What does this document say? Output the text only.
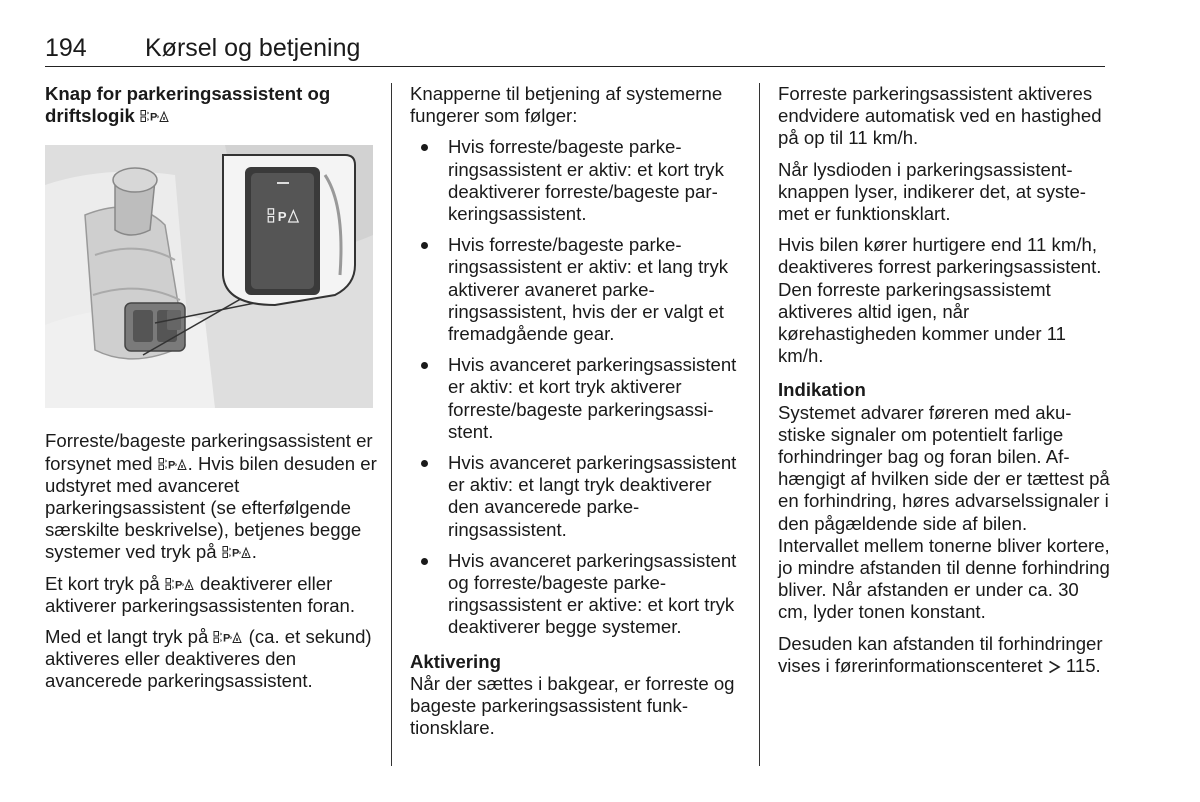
194 Kørsel og betjening
Knap for parkeringsassistent og
driftslogik
P

Forreste/bageste parkeringsassistent er forsynet med . Hvis bilen desuden er udstyret med avanceret parkeringsassistent (se efterfølgende særskilte beskrivelse), betjenes begge systemer ved tryk på .

Et kort tryk på deaktiverer eller aktiverer parkeringsassistenten foran.

Med et langt tryk på (ca. et sekund) aktiveres eller deaktiveres den avancerede parkeringsassistent.

Knapperne til betjening af systemerne fungerer som følger:

Hvis forreste/bageste parkeringsassistent er aktiv: et kort tryk deaktiverer forreste/bageste parkeringsassistent.
Hvis forreste/bageste parkeringsassistent er aktiv: et lang tryk aktiverer avaneret parkeringsassistent, hvis der er valgt et fremadgående gear.
Hvis avanceret parkeringsassistent er aktiv: et kort tryk aktiverer forreste/bageste parkeringsassistent.
Hvis avanceret parkeringsassistent er aktiv: et langt tryk deaktiverer den avancerede parkeringsassistent.
Hvis avanceret parkeringsassistent og forreste/bageste parkeringsassistent er aktive: et kort tryk deaktiverer begge systemer.
Aktivering

Når der sættes i bakgear, er forreste og bageste parkeringsassistent funktionsklare.

Forreste parkeringsassistent aktiveres endvidere automatisk ved en hastighed på op til 11 km/h.

Når lysdioden i parkeringsassistentknappen lyser, indikerer det, at systemet er funktionsklart.

Hvis bilen kører hurtigere end 11 km/h, deaktiveres forrest parkeringsassistent. Den forreste parkeringsassistemt aktiveres altid igen, når kørehastigheden kommer under 11 km/h.

Indikation

Systemet advarer føreren med akustiske signaler om potentielt farlige forhindringer bag og foran bilen. Afhængigt af hvilken side der er tættest på en forhindring, høres advarselssignaler i den pågældende side af bilen. Intervallet mellem tonerne bliver kortere, jo mindre afstanden til denne forhindring bliver. Når afstanden er under ca. 30 cm, lyder tonen konstant.

Desuden kan afstanden til forhindringer vises i førerinformationscenteret 115.
